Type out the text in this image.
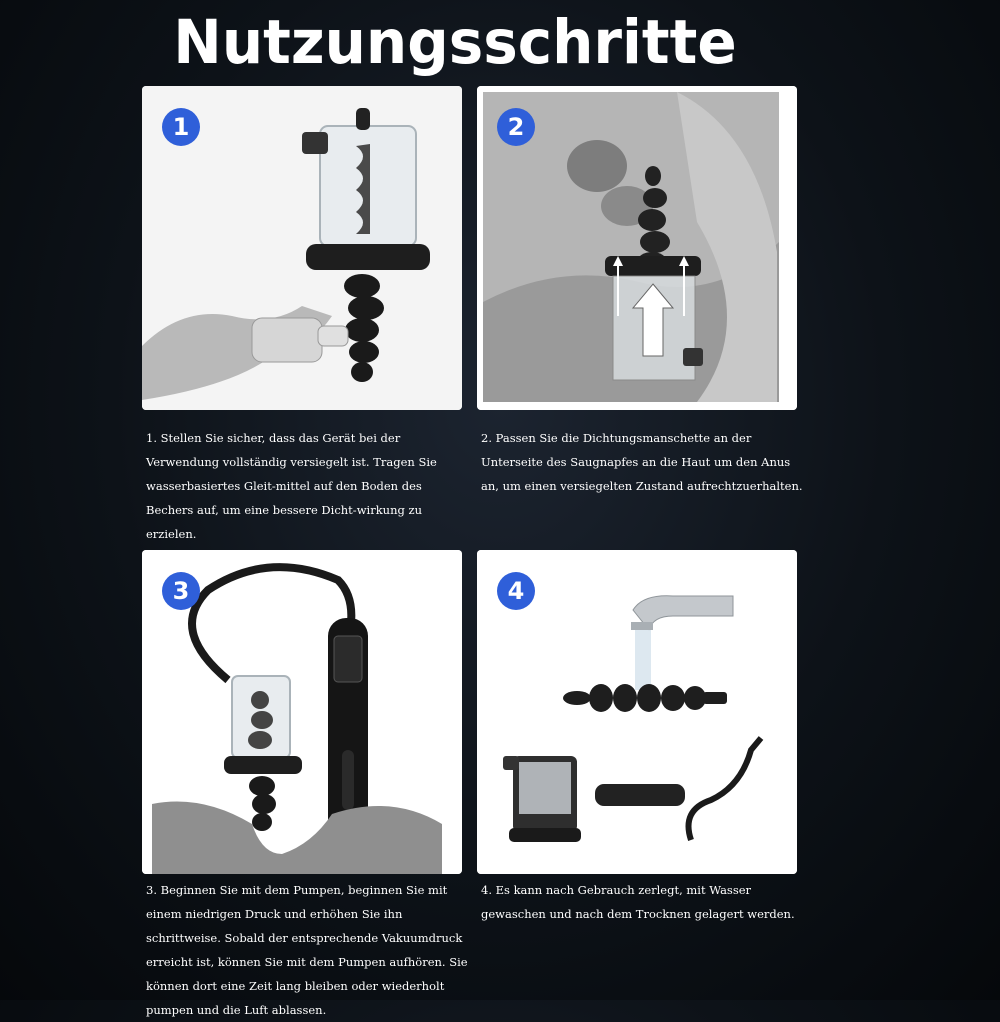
Nutzungsschritte
1	2
1. Stellen Sie sicher, dass das Gerät bei der Verwendung vollständig versiegelt ist. Tragen Sie wasserbasiertes Gleit-mittel auf den Boden des Bechers auf, um eine bessere Dicht-wirkung zu erzielen.
2. Passen Sie die Dichtungsmanschette an der Unterseite des Saugnapfes an die Haut um den Anus an, um einen versiegelten Zustand aufrechtzuerhalten.
3	4
3. Beginnen Sie mit dem Pumpen, beginnen Sie mit einem niedrigen Druck und erhöhen Sie ihn schrittweise. Sobald der entsprechende Vakuumdruck erreicht ist, können Sie mit dem Pumpen aufhören. Sie können dort eine Zeit lang bleiben oder wiederholt pumpen und die Luft ablassen.
4. Es kann nach Gebrauch zerlegt, mit Wasser gewaschen und nach dem Trocknen gelagert werden.
